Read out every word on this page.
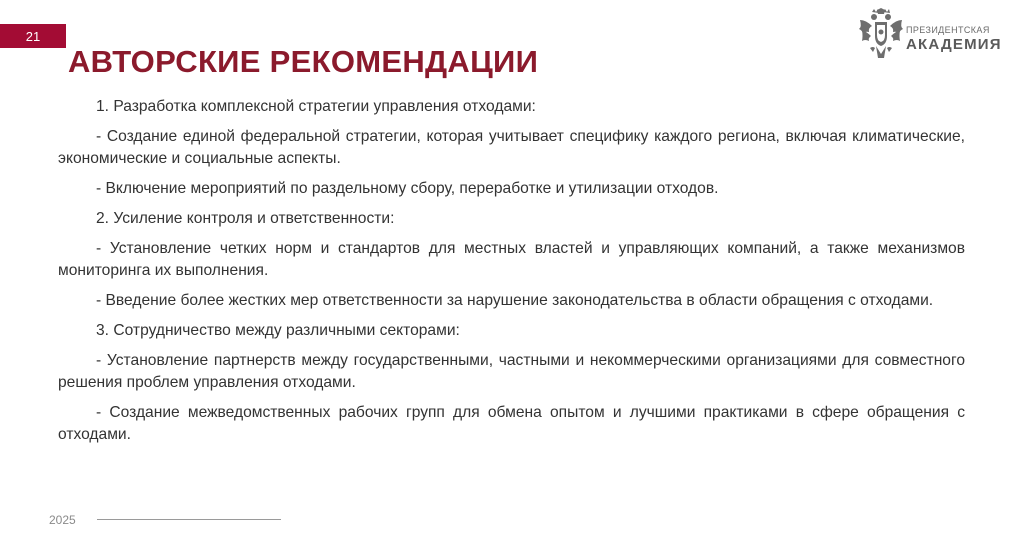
21
АВТОРСКИЕ РЕКОМЕНДАЦИИ
ПРЕЗИДЕНТСКАЯ
АКАДЕМИЯ

1. Разработка комплексной стратегии управления отходами:

- Создание единой федеральной стратегии, которая учитывает специфику каждого региона, включая климатические, экономические и социальные аспекты.

- Включение мероприятий по раздельному сбору, переработке и утилизации отходов.

2. Усиление контроля и ответственности:

- Установление четких норм и стандартов для местных властей и управляющих компаний, а также механизмов мониторинга их выполнения.

- Введение более жестких мер ответственности за нарушение законодательства в области обращения с отходами.

3. Сотрудничество между различными секторами:

- Установление партнерств между государственными, частными и некоммерческими организациями для совместного решения проблем управления отходами.

- Создание межведомственных рабочих групп для обмена опытом и лучшими практиками в сфере обращения с отходами.

2025
